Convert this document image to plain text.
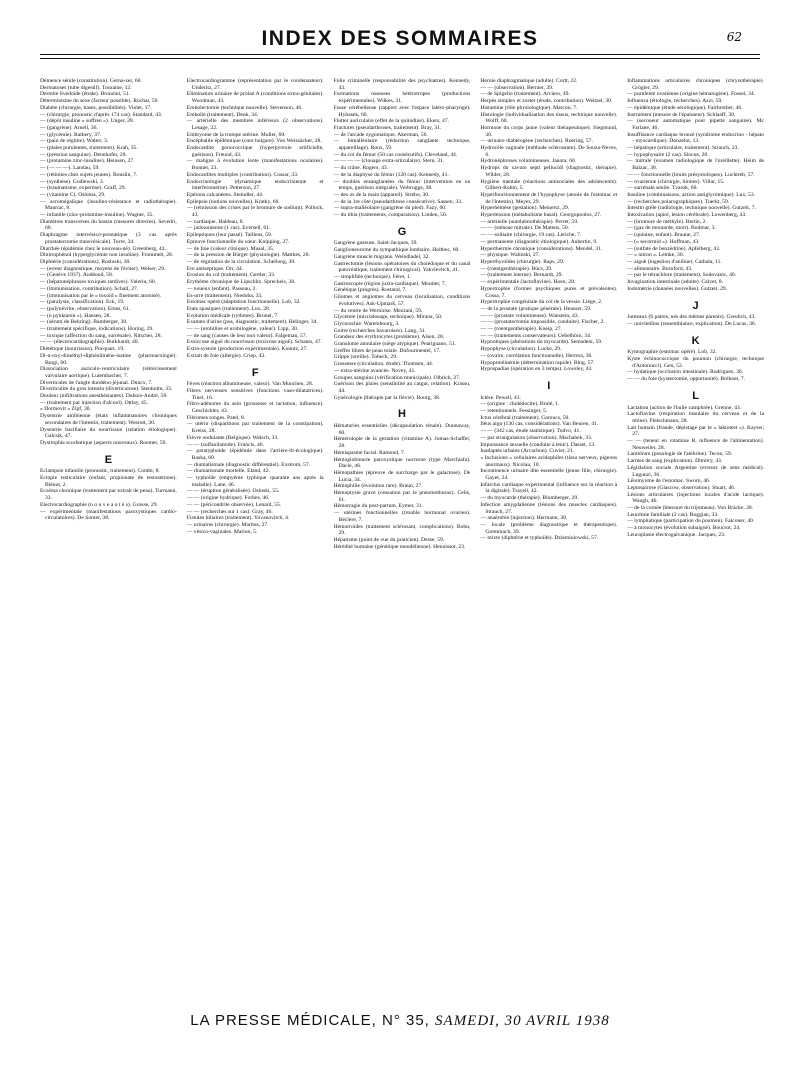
INDEX DES SOMMAIRES	62

Démence sénile (constitution). Gerna-zer, 60.

Dermatoses (tube digestif). Touraine, 12.

Dermite livedoïde (étude). Bronzini, 51.

Déterminisme du sexe (facteur possible). Rochat, 59.

Diabète (chirurgie, bases, possibilités). Violet, 17.

— (chirurgie, pronostic d'après 174 cas). Standard, 43.

— (dépôt insuline « suffren »). Unger, 28.

— (gangrène). Arnell, 36.

— (glycémie). Rathery, 37.

— (pain de régime). Walter, 3.

— (plaies purulentes, traitement). Krah, 35.

— (pression sanguine). Dennhofer, 28.

— (protamine zinc-insuline). Heinsen, 27.

— (— — —). Landau, 59.

— (rétinites chez sujets jeunes). Rouslin, 7.

— (synthèse). Godlewski, 3.

— (traumatisme, expertise). Graff, 29.

— (vitamine C). Oshima, 29.

— acromégalique (insulino-résistance et radiothérapie). Mauriac, 8.

— infantile (zinc-protamine-insuline). Wagner, 35.

Diamètres transverses du bassin (mesures directes). Sevedri, 60.

Diaphragme intervésico-prostatique (3 cas après prostatectomie transvésicale). Torre, 34.

Diarrhée (épidémie chez le nouveau-né). Greenberg, 43.

Dinitrophénol (hyperglycémie non insuline). Frommelt, 28.

Diphtérie (considérations). Rosloski, 30.

— (erreur diagnostique, moyens de l'éviter). Welser, 29.

— (Genève 1937). Audéoud, 58.

— (hépatonéphroses toxiques tardives). Valeriu, 60.

— (immunisation, contribution). Schall, 27.

— (immunisation par le « toxoïd » finement atomisé).

— (paralysie, classification). Eck, 19.

— (polynévrite, observation). Emes, 61.

— (n pynktanin »). Hansen, 28.

— (sérum de Behring). Bamberger, 30.

— (traitement spécifique, indications). Horing, 29.

— toxique (affection du sang, surrénale). Nitscher, 28.

— — (électrocardiographie). Burkhardt, 40.

Diététique (nourrisson). Pucquart, 19.

Di-n-oxy-diméthyl-diphénilméne-isatine (pharmacologie). Burgi, 60.

Dissociation auriculo-ventriculaire (rétrécissement valvulaire aortique). Lutembacher, 7.

Diverticules de l'angle duodéno-jéjunal. Duncx, 7.

Diverticulite du gros intestin (diverticulose). Stenholm, 33.

Douleur (infiltrations anesthésiantes). Dubois-André, 58.

— (traitement par injection d'alcool). Ottlay, 45.

« Dormovit » Zipf, 30.

Dysentrie amibienne (états inflammatoires chroniques secondaires de l'intestin, traitement). Wesrott, 30.

Dysentrie bacillaire du nourrisson (relation étiologique). Galcsik, 47.

Dystrophie scorbutique (aspects nouveaux). Roemer, 59.

E

Eclampsie infantile (pronostic, traitement). Combt, 8.

Ectopie testiculaire (enfant, propionate de testostérone). Blénot, 2.

Eczéma chronique (traitement par extrait de peau). Turmann, 33.

Electrocardiographie (n o u v e a u t é s). Grosse, 29.

— expérimentale (manifestations paroxystiques cardio-circulatoires). De Somer, 38.

Electrocardiogramme (représentation par le condensateur). Underitz, 27.

Elimination urinaire de prolan A (conditions extra-génitales). Woodman, 43.

Embolectomie (technique nouvelle). Stevenson, 46.

Embolie (traitement). Denk, 34.

— artérielle des membres inférieurs (2 observations). Lesage, 22.

Embryome de la trompe utérine. Muller, 60.

Encéphalite épidémique (cure bulgare). Von Weizsäcker, 28.

Endocardite gonococcique (hyperpyrexie artificielle, guérison). Freund, 43.

— maligne à évolution lente (manifestations oculaires). Bonnet, 23.

Endocardites multiples (contribution). Cossar, 33.

Endocrinologie (dynamique endocrinienne et interferométrie). Petterson, 27.

Epérons calcanéens. Steindler, 44.

Epilepsie (notions nouvelles). Kratky, 60.

— (rémission des crises par le bromure de sodium). Pollock, 43.

— cardiaque. Haldeau, 8.

— jacksonienne (1 cas). Eversell, 61.

Epileptiques (leur passé). Tailleus, 59.

Epreuve fonctionnelle du cœur. Knipping, 27.

— de foie (valeur clinique). Musal, 35.

— de la pression de Bürger (physiologie). Matthes, 28.

— de régulation de la circulation. Schellong, 30.

Ere antiseptique. Orr, 44.

Erosion du col (traitement). Gertler, 33.

Erythème chronique de Lipschitz. Spreckeis, 30.

— noueux (enfant). Passeau, 2.

Es-urre (traitement). Niedoba, 33.

Estomac opéré (adaptation fonctionnelle). Lob, 32.

Etats spasiques (traitement). Lux, 28.

Evolution médicale (rythmes). Brunel, 7.

Examen d'urine (pus, diagnostic, traitement). Helinger, 34.

— — (urobiline et urobilogène, valeur). Lipp, 30.

— de sang (causes de leur non valeur). Falgeman, 57.

Exsiccose aiguë du nourrisson (toxicose aiguë). Schants, 47.

Extra-systole (production expérimentale). Kountz, 27.

Extrait de foie (allergie). Criep, 43.

F

Fèves (réaction albumineuse, valeur). Van Munchen, 28.

Fibres nerveuses sensitives (fonctions vaso-dilatatrices). Tinel, 16.

Fibro-adénome du sein (grossesse et lactation, influence). Geschickter, 43.

Fibromes ronges. Patel, 8.

— utérin (disparitions par traitement de la constipation). Kreiss, 28.

Fièvre ondulante (Belgique). Welsch, 33.

— — (sulfanilamide). Francis, 46.

— paratyphoïde (épidémie dans l'arrière-lit-écologique). Raska, 60.

— rhumatismale (diagnostic différentiel). Exstrom, 57.

— rhumatismale mortelle. Eland, 42.

— typhoïde (empyème typhique quarante ans après la maladie). Lane, 46.

— — (éruption généralisée). Osinski, 55.

— — (origine hydrique). Forbes, 46.

— — (péricondrite observée). Lenard, 55.

— — (recherches sur 1 cas). Gray, 46.

Fistules biliaires (traitement). Yovanovitch, 4.

— urinaires (chirurgie). Martius, 27.

— vésico-vaginales. Marion, 5.

Folie criminelle (responsabilité des psychiatres). Kennedy, 43.

Formations osseuses hétérotropes (productions expérimentales). Wilkes, 31.

Fosse cérébelleuse (rapport avec l'espace latéro-pharyngé). Hybasek, 60.

Flutter auriculaire (effet de la quinidine). Ekers, 47.

Fractures (pseudarthroses, traitement). Bray, 31.

— de l'arcade zygomatique. Akerman, 56.

— bimalléolaire (réduction sanglante technique, appareillage). Roux, 59.

— du col du fémur (50 cas consécutifs). Cleveland, 44.

— — — — (clouage extra-articulaire). Stern, 31.

— du crâne. Rogers, 43.

— de la diaphyse du fémur (120 cas). Kennedy, 41.

— doubles ensanglantées du fémur (intervention en un temps, guérison intégrale). Verbrugge, 38.

— des os de la main (appareil). Strebo, 30.

— de la 1re côte (pseudarthrose consécutive). Sassen, 33.

— supra-malléolaire (gangrène du pied). Fazy, 60.

— du tibia (traitements, comparaison). Linden, 56.

G

Gangrène gazeuse. Saint-Jacques, 39.

Ganglioneurome du sympathique lombaire. Holtbec, 60.

Gangrène muscle migrans. Weindladel, 32.

Gastrectomie (lésions opératoires du cholédoque et du canal pancréatique, traitement chirurgical). Yakvlevitch, 41.

— simplifiée (technique). Féret, 1.

Gastroscopie (région juxta-cardiaque). Moutier, 7.

Génétique (progrès). Rostand, 7.

Gliomes et angiomes du cerveau (localisation, conditions évolutives). Ask-Upmark, 57.

— du centre de Wernicke. Mezzani, 59.

Glycémie (microdosage, technique). Mirana, 50.

Glycorachie. Warembourg, 3.

Goitre (recherches bavaroises). Lang, 31.

Grandeur des érythrocytes (problème). Alsen, 28.

Granulome annulaire (siège atypique). Peariguano, 51.

Greffes libres de peau totale. Dufourmentel, 17.

Grippe (oreille). Tobeck, 29.

Grossesse (circulation, étude). Thomsen, 44.

— extra-utérine avancée. Novey, 41.

Groupes sanguins (vérification municipale). Olbrich, 27.

Guérison des plaies (sensibilité au catgut, relation). Krassu, 44.

Gynécologie (thérapie par la fièvre). Bourg, 38.

H

Hématuries essentielles (décapsulation rénale). Dunnaway, 60.

Hémérolopie de la gestation (vitamine A). Jumas-Schaffer, 28.

Hémispasme facial. Ramond, 7.

Hémoglobinurie paroxystique nocturne (type Marchiafa). Dacie, 46.

Hémopathies (épreuve de surcharge par le galactose). De Lucia, 34.

Hémophilie (évolution rare). Braun, 27.

Hémoptysie grave (cessation par le pneumothorax). Celis, 61.

Hémorragie du post-partum. Eymer, 31.

— utérines fonctionnelles (trouble hormonal ovarien). Béclère, 7.

Hémorroïdes (traitement sclérosant, complications). Bohn, 29.

Hépatisme (point de vue du praticien). Desse, 59.

Hérédité humaine (génétique mendélienne). Hennissot, 23.

Hernie diaphragmatique (adulte). Cortt, 22.

— — (observation). Bernier, 39.

— de Spigelio (traitement). Arciero, 49.

Herpès simplex et zoster (étude, contribution). Weitzel, 30.

Histamine (rôle physiologique). Marcou, 7.

Histologie (individualisation des tissus, technique nouvelle). Wolff, 60.

Hormone du corps jaune (valeur thérapeutique). Siegmund, 30.

— urinaire diabétogène (recherches). Roering, 57.

Hydrocèle vaginale (méthode sclérosante). De Souza-Neves, 6.

Hydronéphroses volumineuses. Janota, 60.

Hydrops du cavum septi pellucidi (diagnostic, thérapie). Wilder, 28.

Hygiène mentale (réactions antisociales des adolescents). Gilbert-Robin, 5.

Hyperfonctionnement de l'hypophyse (atonie de l'estomac et de l'intestin). Meyer, 29.

Hyperhémèse (gestation). Meinertz, 29.

Hypertension (métabolisme basal). Georgopoulos, 27.

— artérielle (autohémothérapie). Perret, 59.

— — (sténose mitrale). De Matteis, 50.

— — solitaire (chirurgie, 19 cas). Leriche, 7.

— permanente (diagnostic étiologique). Aubertin, 9.

Hyperthermie chronique (considérations). Mendel, 31.

— physique. Walinski, 27.

Hyperthyroïdes (chirurgie). Raps, 29.

— (roentgenthérapie). Bücs, 29.

— (traitement interne). Bernardt, 29.

— expérimentale (lactoflavine). Hoen, 28.

Hypertrophie (formes psychiques pures et prévalentes). Cossa, 7.

Hypertrophie congénitale du col de la vessie. Liège, 2.

— de la prostate (pratique générale). Heusser, 59.

— — (prostate volumineuse). Wanstein, 43.

— — (prostatectomie impossible, conduite). Fischer, 2.

— — (roentgenthérapie). Kneip, 27.

— — (traitements conservateurs). Uebelhörn, 34.

Hypnotiques (altérations du myocarde). Semadeni, 59.

Hypophyse (circulation). Lucke, 29.

— (ovaire, corrélation fonctionnelle). Herrera, 36.

Hypoprotéinémie (détermination rapide). Bing, 57.

Hypospadias (opération en 3 temps). Lowsley, 43.

I

Ictère. Pewell, 43.

— (origine : cholédocite). Brulé, 1.

— retentionnels. Fessinger, 5.

Ictus cérébral (traitement). Garoucs, 50.

Iléus aigu (130 cas, considérations). Van Beuren, 41.

— — (342 cas, étude statistique). Todvo, 41.

— par strangulation (observation). Machabek, 33.

Impuissance sexuelle (conduite à tenir). Dasset, 13.

Inadaptés urbains (Arcachon). Cuvier, 21.

« Inclusions » cellulaires acidophiles (tissu nerveux, pigeons anormaux). Nicolau, 10.

Incontinence urinaire dite essentielle (jeune fille, chirurgie). Gayet, 24.

Infarctus cardiaque expérimental (influence sur la réaction à la digitale). Trayell, 42.

— du myocarde (thérapie). Blumberger, 29.

Infection amygdalienne (lésions des muscles cardiaques). Strauch, 27.

— anaérobie (injection). Hermann, 30.

— locale (problème diagnostique et thérapeutique). Gremmach, 39.

— mixte (diphtérie et typhoïde). Dziemiolowski, 57.

Inflammations articulaires chroniques (chrysothérapie). Grögler, 29.

— purulente ovarienne (origine hématogène). Fossel, 34.

Influenza (étiologie, recherches). Azzi, 59.

— épidémique (étude sérologique). Fairbrother, 46.

Instrument (mesure de l'épaisseur). Schlaaff, 30.

— (secoueur automatique pour pipette sanguine). Mc Farlane, 46.

Insuffisance cardiaque bronzé (syndrome endocrino - hépato - myocardique). Donzelot, 13.

— hépatique (articulaire, traitement). Strauch, 23.

— hypophysaire (2 cas). Slocne, 28.

— mitrale (examen radiologique de l'oreillette). Heim de Balzac, 38.

— — fonctionnelle (bruits présystoliques). Luchtreb, 57.

— ovarienne (chirurgie, limites). Villar, 15.

— surrénale sénile. Tvarok, 60.

Insuline (combinaisons, action antiglycémique). Lux, 53.

— (recherches polarographiques). Tuerkt, 59.

Intestin grêle (radiologie, technique nouvelle). Gutzeit, 7.

Intoxication (apiol, lésion cérébrale). Lowenberg, 43.

— (bromure de méthyle). Bertin, 2.

— (gaz de moutarde, mort). Bodmar, 3.

— (quinine, enfant). Braune, 27.

— (« secormid »). Hoffman, 43.

— (sulfate de benzédrine). Apfelberg, 43.

— « nitron ». Lemke, 30.

— aiguë (ingestion d'aniline). Cathala, 11.

— alimentaire. Burnford, 43.

— par le tétrachlore (traitement). Sodovanic, 40.

Invagination intestinale (adulte). Calvet, 8.

Iodométrie (données nouvelles). Gutzeit, 29.

J

Jumeaux (6 paires, nés des mêmes parents). Greulich, 43.

— univitellins (ressemblance, explication). De Lucas, 36.

K

Kymographie (estomac opéré). Lob, 32.

Kyste échinococcique du poumon (chirurgie, technique d'Antonucci). Gen, 53.

— hydatique (occlusion intestinale). Rodriguez, 36.

— — du foie (kystectomie, opportunité). Bréhant, 7.

L

Lactation (action de l'huile camphrée). Grenne, 43.

Lactoflavine (respiration tissulaire du cerveau et de la rétine). Fleischmann, 28.

Lait humain (fraude, dépistage par le « laktotest »). Kayser, 27.

— — (teneur en vitamine B, influence de l'alimentation). Neuweiler, 28.

Lamblium (posologie de l'atébrine). Tecon, 59.

Larmes de sang (explication). Dimitry, 43.

Législation sociale Argentine (erreurs de sens médical). Lugunzi, 36.

Léiomyome de l'estomac. Sworn, 46.

Leptospirose (Glascow, observation). Stuart, 46.

Lésions articulaires (injections locales d'acide lactique). Waugh, 46.

— de la cornée (blessure du trijumeau). Von Bräcke, 28.

Leucémie familiale (2 cas). Boggian, 33.

— lymphatique (participation du poumon). Falconer, 40.

— à monocytes (évolution subaiguë). Boucrot, 24.

Leucoplasie électrogalvanique. Jacques, 23.

LA PRESSE MÉDICALE, N° 35, SAMEDI, 30 AVRIL 1938
